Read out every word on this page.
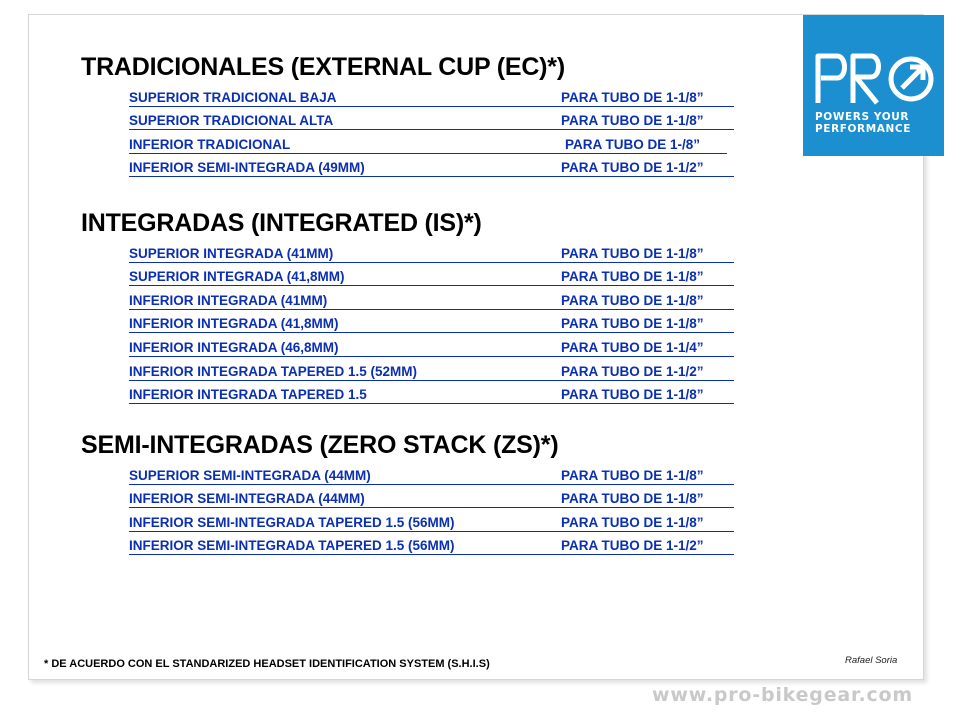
POWERS YOUR
PERFORMANCE
TRADICIONALES (EXTERNAL CUP (EC)*)
SUPERIOR TRADICIONAL BAJA	PARA TUBO DE 1-1/8”
SUPERIOR TRADICIONAL ALTA	PARA TUBO DE 1-1/8”
INFERIOR TRADICIONAL	PARA TUBO DE 1-/8”
INFERIOR SEMI-INTEGRADA (49MM)	PARA TUBO DE 1-1/2”
INTEGRADAS (INTEGRATED (IS)*)
SUPERIOR INTEGRADA (41MM)	PARA TUBO DE 1-1/8”
SUPERIOR INTEGRADA (41,8MM)	PARA TUBO DE 1-1/8”
INFERIOR INTEGRADA (41MM)	PARA TUBO DE 1-1/8”
INFERIOR INTEGRADA (41,8MM)	PARA TUBO DE 1-1/8”
INFERIOR INTEGRADA (46,8MM)	PARA TUBO DE 1-1/4”
INFERIOR INTEGRADA TAPERED 1.5 (52MM)	PARA TUBO DE 1-1/2”
INFERIOR INTEGRADA TAPERED 1.5	PARA TUBO DE 1-1/8”
SEMI-INTEGRADAS (ZERO STACK (ZS)*)
SUPERIOR SEMI-INTEGRADA (44MM)	PARA TUBO DE 1-1/8”
INFERIOR SEMI-INTEGRADA (44MM)	PARA TUBO DE 1-1/8”
INFERIOR SEMI-INTEGRADA TAPERED 1.5 (56MM)	PARA TUBO DE 1-1/8”
INFERIOR SEMI-INTEGRADA TAPERED 1.5 (56MM)	PARA TUBO DE 1-1/2”
* DE ACUERDO CON EL STANDARIZED HEADSET IDENTIFICATION SYSTEM (S.H.I.S)	Rafael Soria
www.pro-bikegear.com
